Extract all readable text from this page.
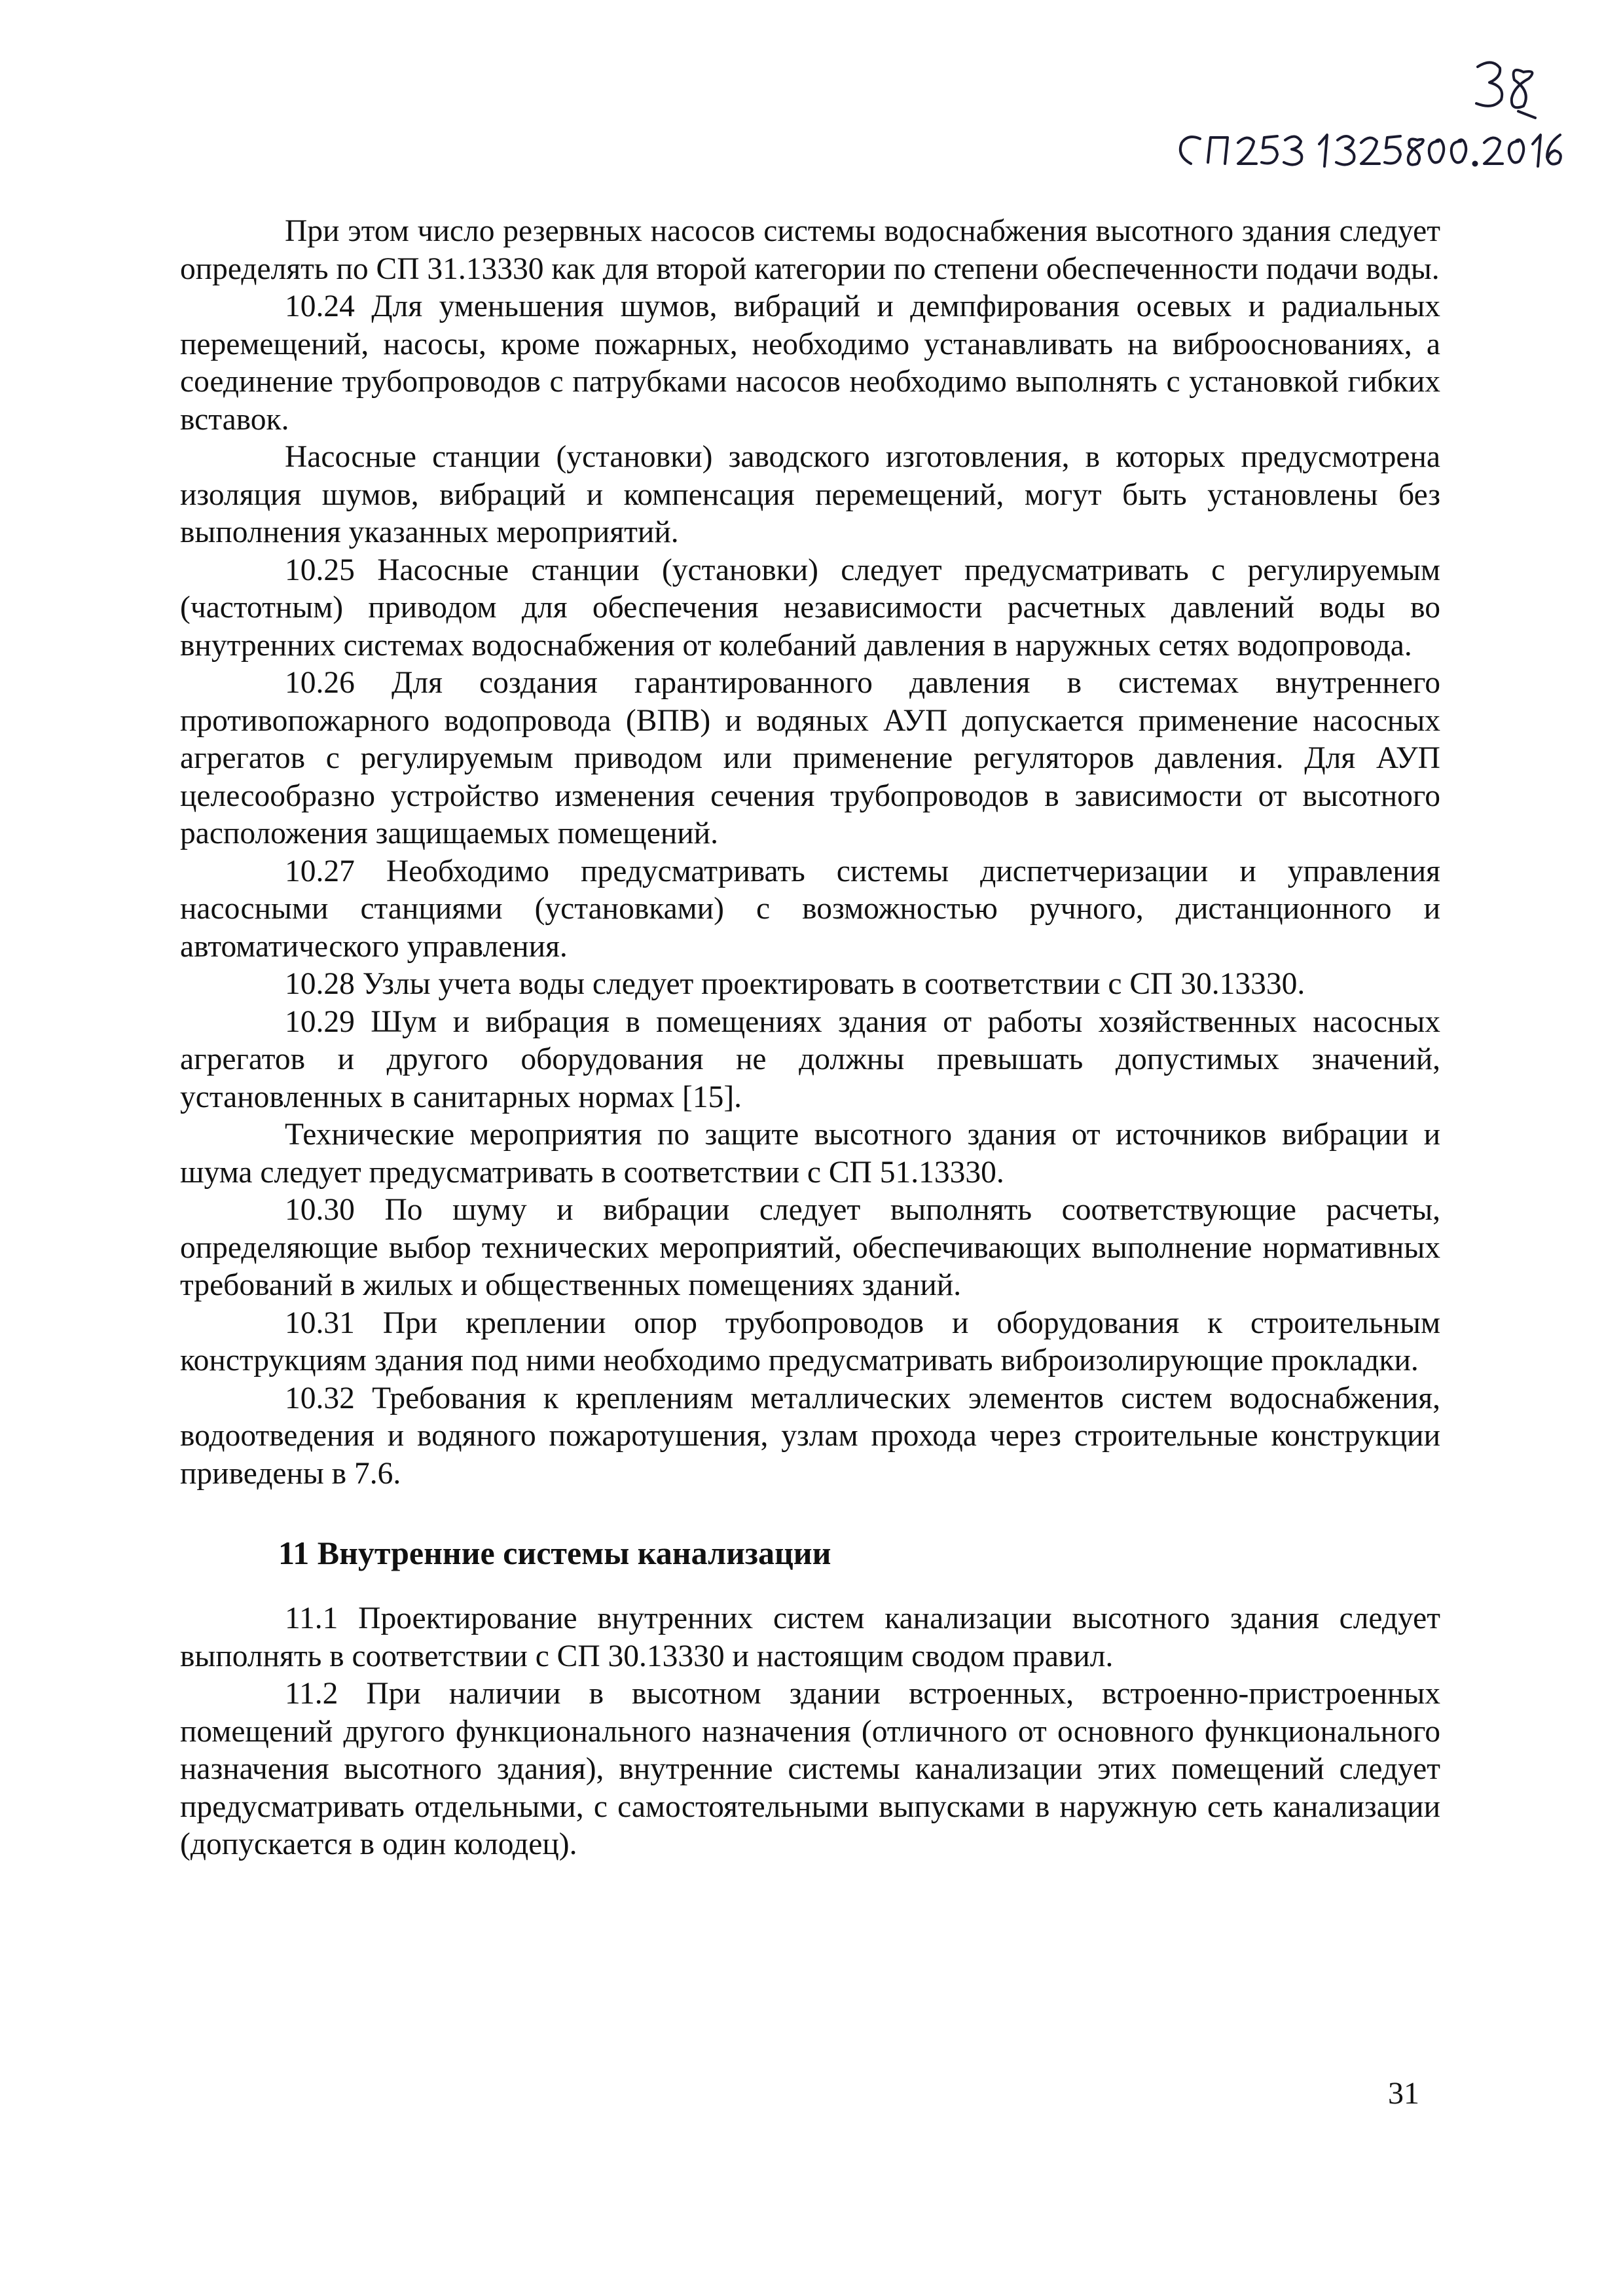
При этом число резервных насосов системы водоснабжения высотного здания следует определять по СП 31.13330 как для второй категории по степени обеспеченности подачи воды.

10.24 Для уменьшения шумов, вибраций и демпфирования осевых и радиальных перемещений, насосы, кроме пожарных, необходимо устанавливать на виброоснованиях, а соединение трубопроводов с патрубками насосов необходимо выполнять с установкой гибких вставок.

Насосные станции (установки) заводского изготовления, в которых предусмотрена изоляция шумов, вибраций и компенсация перемещений, могут быть установлены без выполнения указанных мероприятий.

10.25 Насосные станции (установки) следует предусматривать с регулируемым (частотным) приводом для обеспечения независимости расчетных давлений воды во внутренних системах водоснабжения от колебаний давления в наружных сетях водопровода.

10.26 Для создания гарантированного давления в системах внутреннего противопожарного водопровода (ВПВ) и водяных АУП допускается применение насосных агрегатов с регулируемым приводом или применение регуляторов давления. Для АУП целесообразно устройство изменения сечения трубопроводов в зависимости от высотного расположения защищаемых помещений.

10.27 Необходимо предусматривать системы диспетчеризации и управления насосными станциями (установками) с возможностью ручного, дистанционного и автоматического управления.

10.28 Узлы учета воды следует проектировать в соответствии с СП 30.13330.

10.29 Шум и вибрация в помещениях здания от работы хозяйственных насосных агрегатов и другого оборудования не должны превышать допустимых значений, установленных в санитарных нормах [15].

Технические мероприятия по защите высотного здания от источников вибрации и шума следует предусматривать в соответствии с СП 51.13330.

10.30 По шуму и вибрации следует выполнять соответствующие расчеты, определяющие выбор технических мероприятий, обеспечивающих выполнение нормативных требований в жилых и общественных помещениях зданий.

10.31 При креплении опор трубопроводов и оборудования к строительным конструкциям здания под ними необходимо предусматривать виброизолирующие прокладки.

10.32 Требования к креплениям металлических элементов систем водоснабжения, водоотведения и водяного пожаротушения, узлам прохода через строительные конструкции приведены в 7.6.

11 Внутренние системы канализации

11.1 Проектирование внутренних систем канализации высотного здания следует выполнять в соответствии с СП 30.13330 и настоящим сводом правил.

11.2 При наличии в высотном здании встроенных, встроенно-пристроенных помещений другого функционального назначения (отличного от основного функционального назначения высотного здания), внутренние системы канализации этих помещений следует предусматривать отдельными, с самостоятельными выпусками в наружную сеть канализации (допускается в один колодец).

31
